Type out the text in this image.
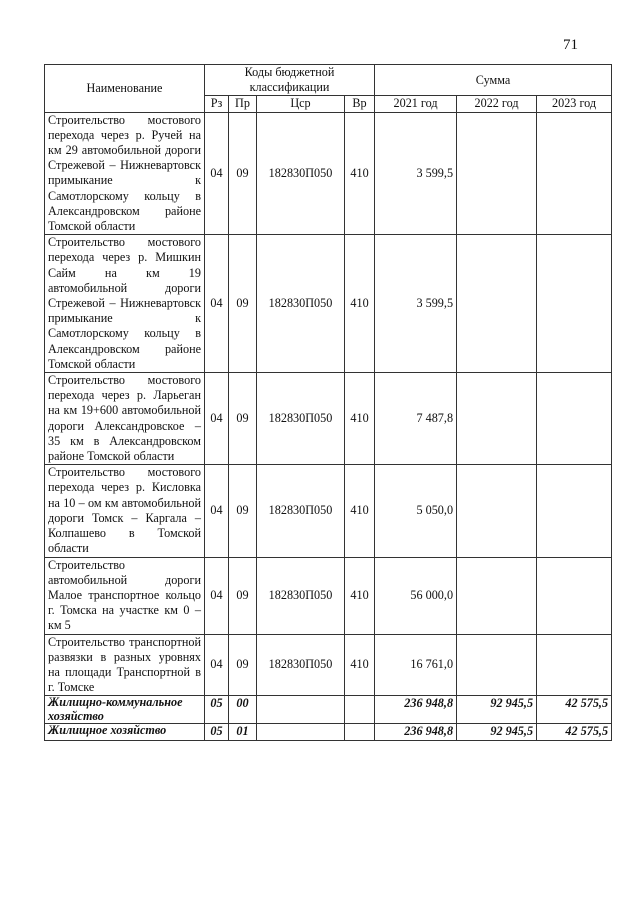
71
Наименование	Коды бюджетной классификации				Сумма		
	Рз	Пр	Цср	Вр	2021 год	2022 год	2023 год
Строительство мостового перехода через р. Ручей на км 29 автомобильной дороги Стрежевой – Нижневартовск примыкание к Самотлорскому кольцу в Александровском районе Томской области	04	09	182830П050	410	3 599,5		
Строительство мостового перехода через р. Мишкин Сайм на км 19 автомобильной дороги Стрежевой – Нижневартовск примыкание к Самотлорскому кольцу в Александровском районе Томской области	04	09	182830П050	410	3 599,5		
Строительство мостового перехода через р. Ларьеган на км 19+600 автомобильной дороги Александровское – 35 км в Александровском районе Томской области	04	09	182830П050	410	7 487,8		
Строительство мостового перехода через р. Кисловка на 10 – ом км автомобильной дороги Томск – Каргала – Колпашево в Томской области	04	09	182830П050	410	5 050,0		
Строительство автомобильной дороги Малое транспортное кольцо г. Томска на участке км 0 – км 5	04	09	182830П050	410	56 000,0		
Строительство транспортной развязки в разных уровнях на площади Транспортной в г. Томске	04	09	182830П050	410	16 761,0		
Жилищно-коммунальное хозяйство	05	00			236 948,8	92 945,5	42 575,5
Жилищное хозяйство	05	01			236 948,8	92 945,5	42 575,5
